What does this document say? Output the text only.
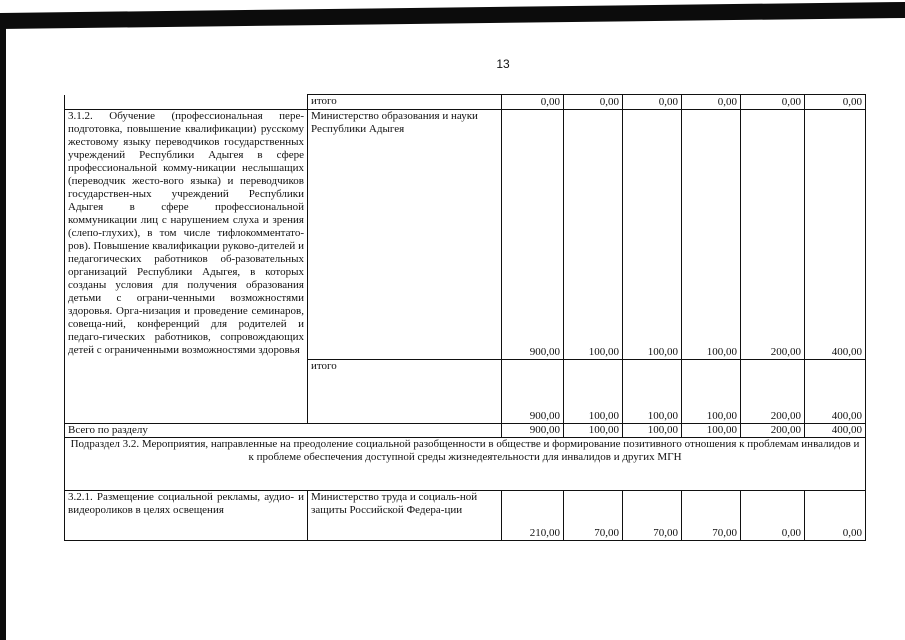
13
	итого	0,00	0,00	0,00	0,00	0,00	0,00
3.1.2. Обучение (профессиональная пере-подготовка, повышение квалификации) русскому жестовому языку переводчиков государственных учреждений Республики Адыгея в сфере профессиональной комму-никации неслышащих (переводчик жесто-вого языка) и переводчиков государствен-ных учреждений Республики Адыгея в сфере профессиональной коммуникации лиц с нарушением слуха и зрения (слепо-глухих), в том числе тифлокомментато-ров). Повышение квалификации руково-дителей и педагогических работников об-разовательных организаций Республики Адыгея, в которых созданы условия для получения образования детьми с ограни-ченными возможностями здоровья. Орга-низация и проведение семинаров, совеща-ний, конференций для родителей и педаго-гических работников, сопровождающих детей с ограниченными возможностями здоровья	Министерство образования и науки Республики Адыгея	900,00	100,00	100,00	100,00	200,00	400,00
	итого	900,00	100,00	100,00	100,00	200,00	400,00
Всего по разделу		900,00	100,00	100,00	100,00	200,00	400,00
Подраздел 3.2. Мероприятия, направленные на преодоление социальной разобщенности в обществе и формирование позитивного отношения к проблемам инвалидов и к проблеме обеспечения доступной среды жизнедеятельности для инвалидов и других МГН							
3.2.1. Размещение социальной рекламы, аудио- и видеороликов в целях освещения	Министерство труда и социаль-ной защиты Российской Федера-ции	210,00	70,00	70,00	70,00	0,00	0,00
